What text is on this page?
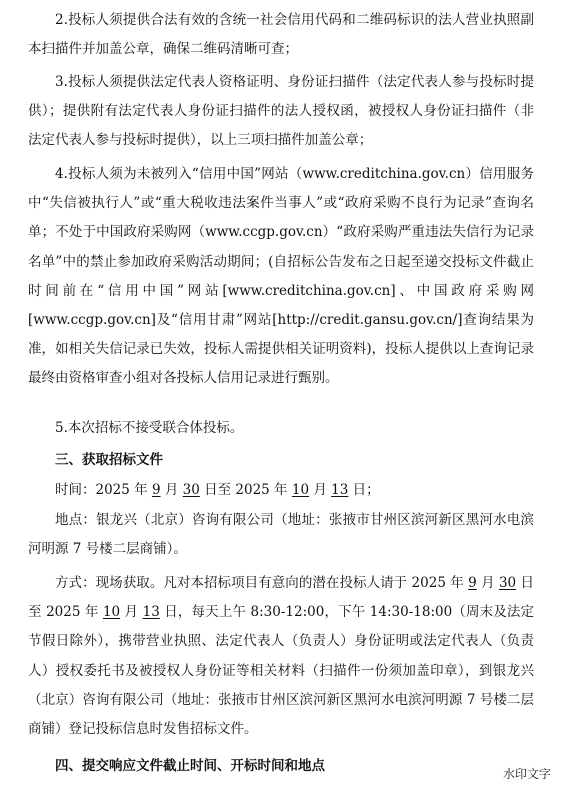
2.投标人须提供合法有效的含统一社会信用代码和二维码标识的法人营业执照副本扫描件并加盖公章，确保二维码清晰可查；
3.投标人须提供法定代表人资格证明、身份证扫描件（法定代表人参与投标时提供）；提供附有法定代表人身份证扫描件的法人授权函，被授权人身份证扫描件（非法定代表人参与投标时提供），以上三项扫描件加盖公章；
4.投标人须为未被列入“信用中国”网站（www.creditchina.gov.cn）信用服务中“失信被执行人”或“重大税收违法案件当事人”或“政府采购不良行为记录”查询名单；不处于中国政府采购网（www.ccgp.gov.cn）“政府采购严重违法失信行为记录名单”中的禁止参加政府采购活动期间；(自招标公告发布之日起至递交投标文件截止时间前在“信用中国”网站[www.creditchina.gov.cn]、中国政府采购网[www.ccgp.gov.cn]及“信用甘肃”网站[http://credit.gansu.gov.cn/]查询结果为准，如相关失信记录已失效，投标人需提供相关证明资料)，投标人提供以上查询记录最终由资格审查小组对各投标人信用记录进行甄别。
5.本次招标不接受联合体投标。
三、获取招标文件
时间：2025 年 9 月 30 日至 2025 年 10 月 13 日；
地点：银龙兴（北京）咨询有限公司（地址：张掖市甘州区滨河新区黑河水电滨河明源 7 号楼二层商铺）。
方式：现场获取。凡对本招标项目有意向的潜在投标人请于 2025 年 9 月 30 日至 2025 年 10 月 13 日，每天上午 8:30-12:00，下午 14:30-18:00（周末及法定节假日除外），携带营业执照、法定代表人（负责人）身份证明或法定代表人（负责人）授权委托书及被授权人身份证等相关材料（扫描件一份须加盖印章），到银龙兴（北京）咨询有限公司（地址：张掖市甘州区滨河新区黑河水电滨河明源 7 号楼二层商铺）登记投标信息时发售招标文件。
四、提交响应文件截止时间、开标时间和地点	水印文字
